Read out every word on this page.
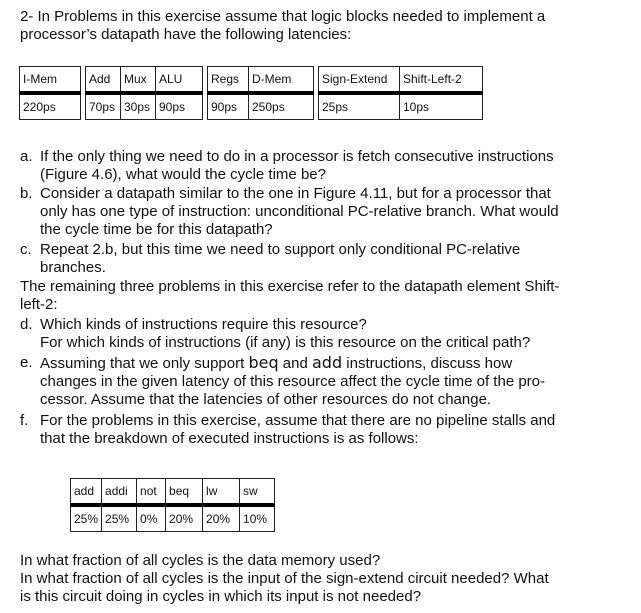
2- In Problems in this exercise assume that logic blocks needed to implement a
processor’s datapath have the following latencies:
I-Mem		Add	Mux	ALU		Regs	D-Mem		Sign-Extend	Shift-Left-2
220ps		70ps	30ps	90ps		90ps	250ps		25ps	10ps
a. If the only thing we need to do in a processor is fetch consecutive instructions
(Figure 4.6), what would the cycle time be?
b. Consider a datapath similar to the one in Figure 4.11, but for a processor that
only has one type of instruction: unconditional PC-relative branch. What would
the cycle time be for this datapath?
c. Repeat 2.b, but this time we need to support only conditional PC-relative
branches.
The remaining three problems in this exercise refer to the datapath element Shift-
left-2:
d. Which kinds of instructions require this resource?
For which kinds of instructions (if any) is this resource on the critical path?
e. Assuming that we only support beq and add instructions, discuss how
changes in the given latency of this resource affect the cycle time of the pro-
cessor. Assume that the latencies of other resources do not change.
f. For the problems in this exercise, assume that there are no pipeline stalls and
that the breakdown of executed instructions is as follows:
add	addi	not	beq	lw	sw
25%	25%	0%	20%	20%	10%
In what fraction of all cycles is the data memory used?
In what fraction of all cycles is the input of the sign-extend circuit needed? What
is this circuit doing in cycles in which its input is not needed?
